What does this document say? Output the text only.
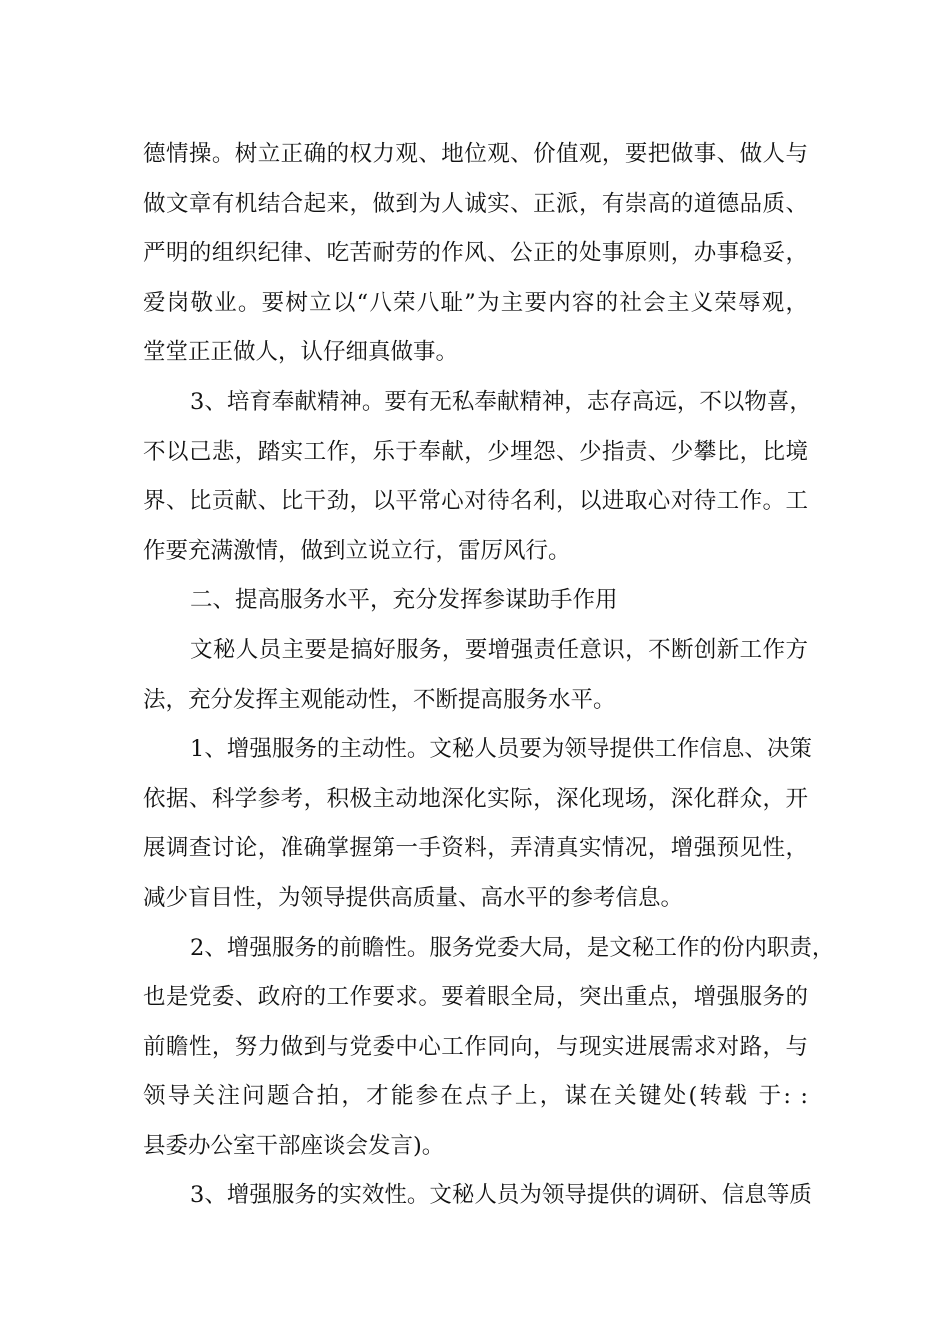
德情操。树立正确的权力观、地位观、价值观，要把做事、做人与
做文章有机结合起来，做到为人诚实、正派，有崇高的道德品质、
严明的组织纪律、吃苦耐劳的作风、公正的处事原则，办事稳妥，
爱岗敬业。要树立以“八荣八耻”为主要内容的社会主义荣辱观，
堂堂正正做人，认仔细真做事。
3、培育奉献精神。要有无私奉献精神，志存高远，不以物喜，
不以己悲，踏实工作，乐于奉献，少埋怨、少指责、少攀比，比境
界、比贡献、比干劲，以平常心对待名利，以进取心对待工作。工
作要充满激情，做到立说立行，雷厉风行。
二、提高服务水平，充分发挥参谋助手作用
文秘人员主要是搞好服务，要增强责任意识，不断创新工作方
法，充分发挥主观能动性，不断提高服务水平。
1、增强服务的主动性。文秘人员要为领导提供工作信息、决策
依据、科学参考，积极主动地深化实际，深化现场，深化群众，开
展调查讨论，准确掌握第一手资料，弄清真实情况，增强预见性，
减少盲目性，为领导提供高质量、高水平的参考信息。
2、增强服务的前瞻性。服务党委大局，是文秘工作的份内职责，
也是党委、政府的工作要求。要着眼全局，突出重点，增强服务的
前瞻性，努力做到与党委中心工作同向，与现实进展需求对路，与
领导关注问题合拍，才能参在点子上，谋在关键处(转载 于: :
县委办公室干部座谈会发言)。
3、增强服务的实效性。文秘人员为领导提供的调研、信息等质
